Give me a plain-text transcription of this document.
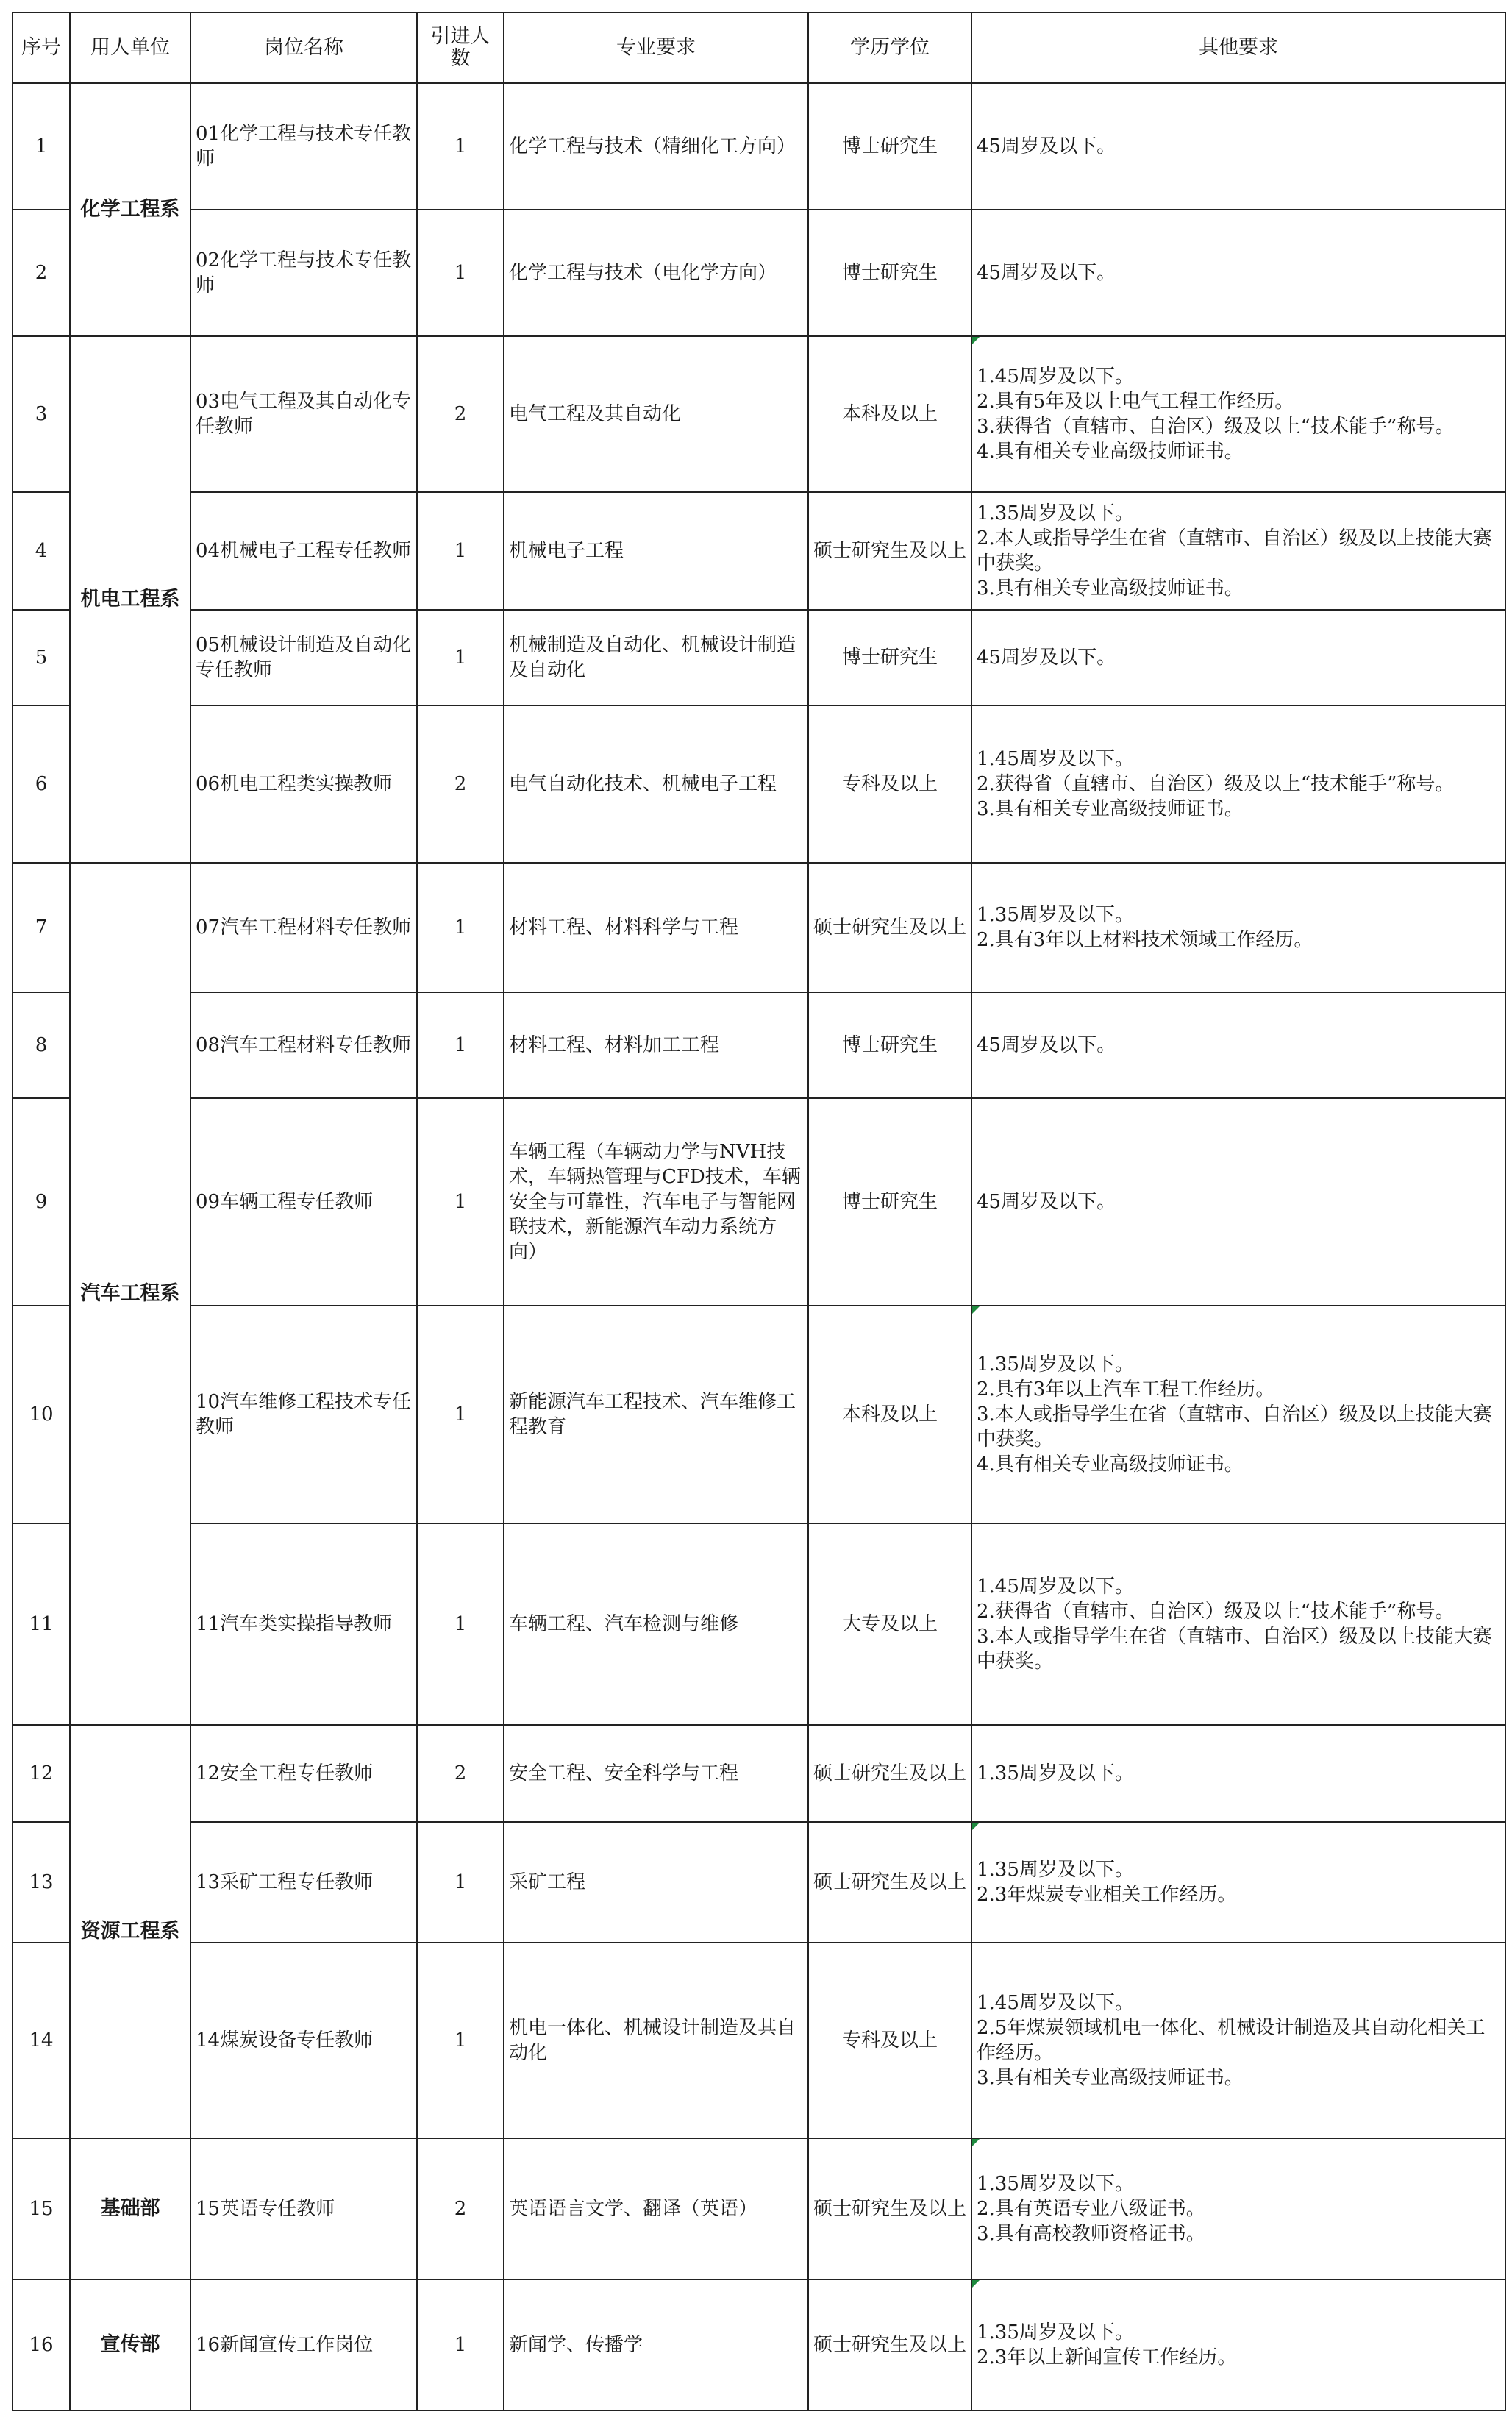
序号	用人单位	岗位名称	引进人数	专业要求	学历学位	其他要求
1	化学工程系	01化学工程与技术专任教师	1	化学工程与技术（精细化工方向）	博士研究生	45周岁及以下。
2		02化学工程与技术专任教师	1	化学工程与技术（电化学方向）	博士研究生	45周岁及以下。
3	机电工程系	03电气工程及其自动化专任教师	2	电气工程及其自动化	本科及以上	1.45周岁及以下。
2.具有5年及以上电气工程工作经历。
3.获得省（直辖市、自治区）级及以上“技术能手”称号。
4.具有相关专业高级技师证书。
4		04机械电子工程专任教师	1	机械电子工程	硕士研究生及以上	1.35周岁及以下。
2.本人或指导学生在省（直辖市、自治区）级及以上技能大赛中获奖。
3.具有相关专业高级技师证书。
5		05机械设计制造及自动化专任教师	1	机械制造及自动化、机械设计制造及自动化	博士研究生	45周岁及以下。
6		06机电工程类实操教师	2	电气自动化技术、机械电子工程	专科及以上	1.45周岁及以下。
2.获得省（直辖市、自治区）级及以上“技术能手”称号。
3.具有相关专业高级技师证书。
7	汽车工程系	07汽车工程材料专任教师	1	材料工程、材料科学与工程	硕士研究生及以上	1.35周岁及以下。
2.具有3年以上材料技术领域工作经历。
8		08汽车工程材料专任教师	1	材料工程、材料加工工程	博士研究生	45周岁及以下。
9		09车辆工程专任教师	1	车辆工程（车辆动力学与NVH技术，车辆热管理与CFD技术，车辆安全与可靠性，汽车电子与智能网联技术，新能源汽车动力系统方向）	博士研究生	45周岁及以下。
10		10汽车维修工程技术专任教师	1	新能源汽车工程技术、汽车维修工程教育	本科及以上	1.35周岁及以下。
2.具有3年以上汽车工程工作经历。
3.本人或指导学生在省（直辖市、自治区）级及以上技能大赛中获奖。
4.具有相关专业高级技师证书。
11		11汽车类实操指导教师	1	车辆工程、汽车检测与维修	大专及以上	1.45周岁及以下。
2.获得省（直辖市、自治区）级及以上“技术能手”称号。
3.本人或指导学生在省（直辖市、自治区）级及以上技能大赛中获奖。
12	资源工程系	12安全工程专任教师	2	安全工程、安全科学与工程	硕士研究生及以上	1.35周岁及以下。
13		13采矿工程专任教师	1	采矿工程	硕士研究生及以上	1.35周岁及以下。
2.3年煤炭专业相关工作经历。
14		14煤炭设备专任教师	1	机电一体化、机械设计制造及其自动化	专科及以上	1.45周岁及以下。
2.5年煤炭领域机电一体化、机械设计制造及其自动化相关工作经历。
3.具有相关专业高级技师证书。
15	基础部	15英语专任教师	2	英语语言文学、翻译（英语）	硕士研究生及以上	1.35周岁及以下。
2.具有英语专业八级证书。
3.具有高校教师资格证书。
16	宣传部	16新闻宣传工作岗位	1	新闻学、传播学	硕士研究生及以上	1.35周岁及以下。
2.3年以上新闻宣传工作经历。
